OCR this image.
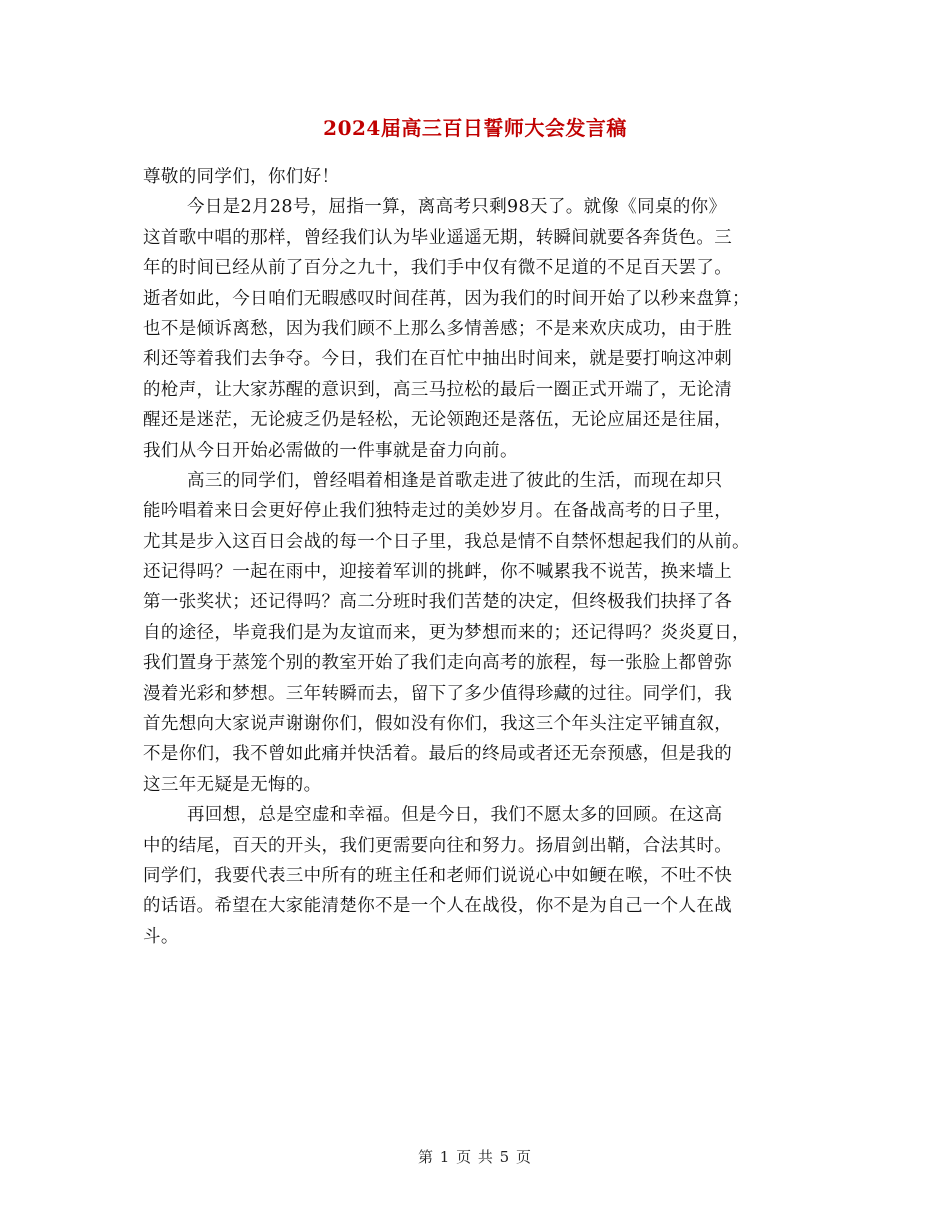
2024届高三百日誓师大会发言稿
尊敬的同学们，你们好！
今日是2月28号，屈指一算，离高考只剩98天了。就像《同桌的你》
这首歌中唱的那样，曾经我们认为毕业遥遥无期，转瞬间就要各奔货色。三
年的时间已经从前了百分之九十，我们手中仅有微不足道的不足百天罢了。
逝者如此，今日咱们无暇感叹时间荏苒，因为我们的时间开始了以秒来盘算；
也不是倾诉离愁，因为我们顾不上那么多情善感；不是来欢庆成功，由于胜
利还等着我们去争夺。今日，我们在百忙中抽出时间来，就是要打响这冲刺
的枪声，让大家苏醒的意识到，高三马拉松的最后一圈正式开端了，无论清
醒还是迷茫，无论疲乏仍是轻松，无论领跑还是落伍，无论应届还是往届，
我们从今日开始必需做的一件事就是奋力向前。
高三的同学们，曾经唱着相逢是首歌走进了彼此的生活，而现在却只
能吟唱着来日会更好停止我们独特走过的美妙岁月。在备战高考的日子里，
尤其是步入这百日会战的每一个日子里，我总是情不自禁怀想起我们的从前。
还记得吗？一起在雨中，迎接着军训的挑衅，你不喊累我不说苦，换来墙上
第一张奖状；还记得吗？高二分班时我们苦楚的决定，但终极我们抉择了各
自的途径，毕竟我们是为友谊而来，更为梦想而来的；还记得吗？炎炎夏日，
我们置身于蒸笼个别的教室开始了我们走向高考的旅程，每一张脸上都曾弥
漫着光彩和梦想。三年转瞬而去，留下了多少值得珍藏的过往。同学们，我
首先想向大家说声谢谢你们，假如没有你们，我这三个年头注定平铺直叙，
不是你们，我不曾如此痛并快活着。最后的终局或者还无奈预感，但是我的
这三年无疑是无悔的。
再回想，总是空虚和幸福。但是今日，我们不愿太多的回顾。在这高
中的结尾，百天的开头，我们更需要向往和努力。扬眉剑出鞘，合法其时。
同学们，我要代表三中所有的班主任和老师们说说心中如鲠在喉，不吐不快
的话语。希望在大家能清楚你不是一个人在战役，你不是为自己一个人在战
斗。
第 1 页 共 5 页
